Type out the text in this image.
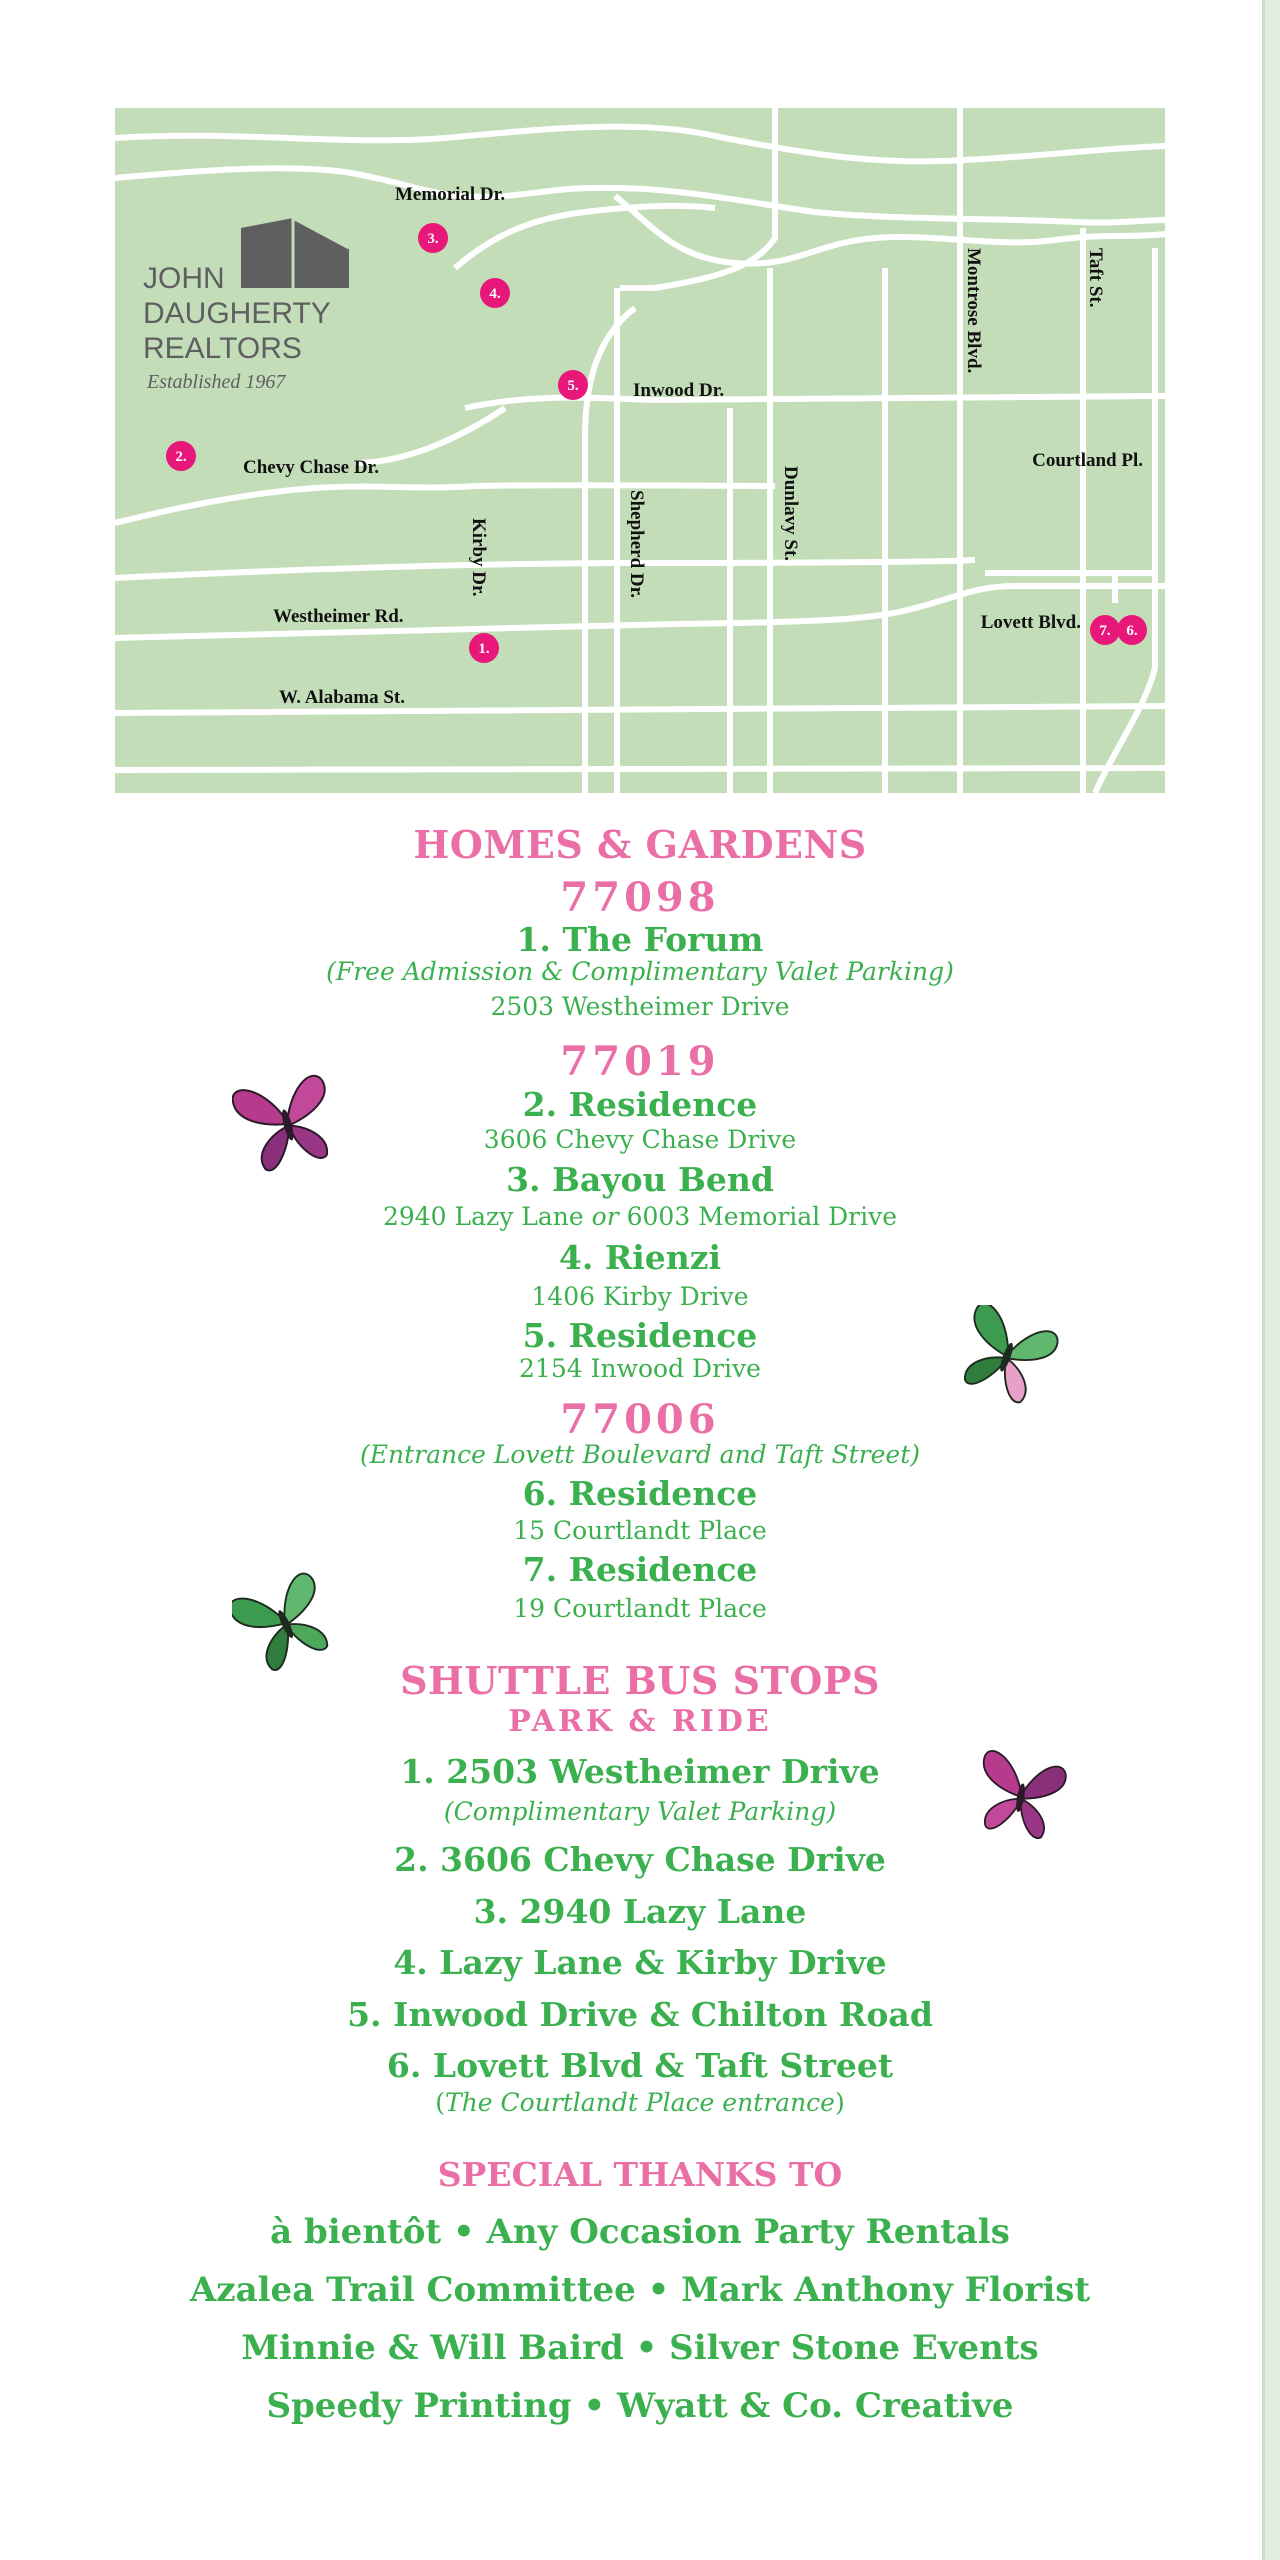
JOHN
DAUGHERTY
REALTORS
Established 1967
Memorial Dr.
Inwood Dr.
Chevy Chase Dr.
Westheimer Rd.
W. Alabama St.
Courtland Pl.
Lovett Blvd.
Kirby Dr.	Shepherd Dr.	Dunlavy St.
Montrose Blvd.	Taft St.
1.
2.
3.
4.
5.
6.
7.
HOMES & GARDENS
77098
1. The Forum
(Free Admission & Complimentary Valet Parking)
2503 Westheimer Drive
77019
2. Residence
3606 Chevy Chase Drive
3. Bayou Bend
2940 Lazy Lane or 6003 Memorial Drive
4. Rienzi
1406 Kirby Drive
5. Residence
2154 Inwood Drive
77006
(Entrance Lovett Boulevard and Taft Street)
6. Residence
15 Courtlandt Place
7. Residence
19 Courtlandt Place
SHUTTLE BUS STOPS
PARK & RIDE
1. 2503 Westheimer Drive
(Complimentary Valet Parking)
2. 3606 Chevy Chase Drive
3. 2940 Lazy Lane
4. Lazy Lane & Kirby Drive
5. Inwood Drive & Chilton Road
6. Lovett Blvd & Taft Street
(The Courtlandt Place entrance)
SPECIAL THANKS TO
à bientôt • Any Occasion Party Rentals
Azalea Trail Committee • Mark Anthony Florist
Minnie & Will Baird • Silver Stone Events
Speedy Printing • Wyatt & Co. Creative
